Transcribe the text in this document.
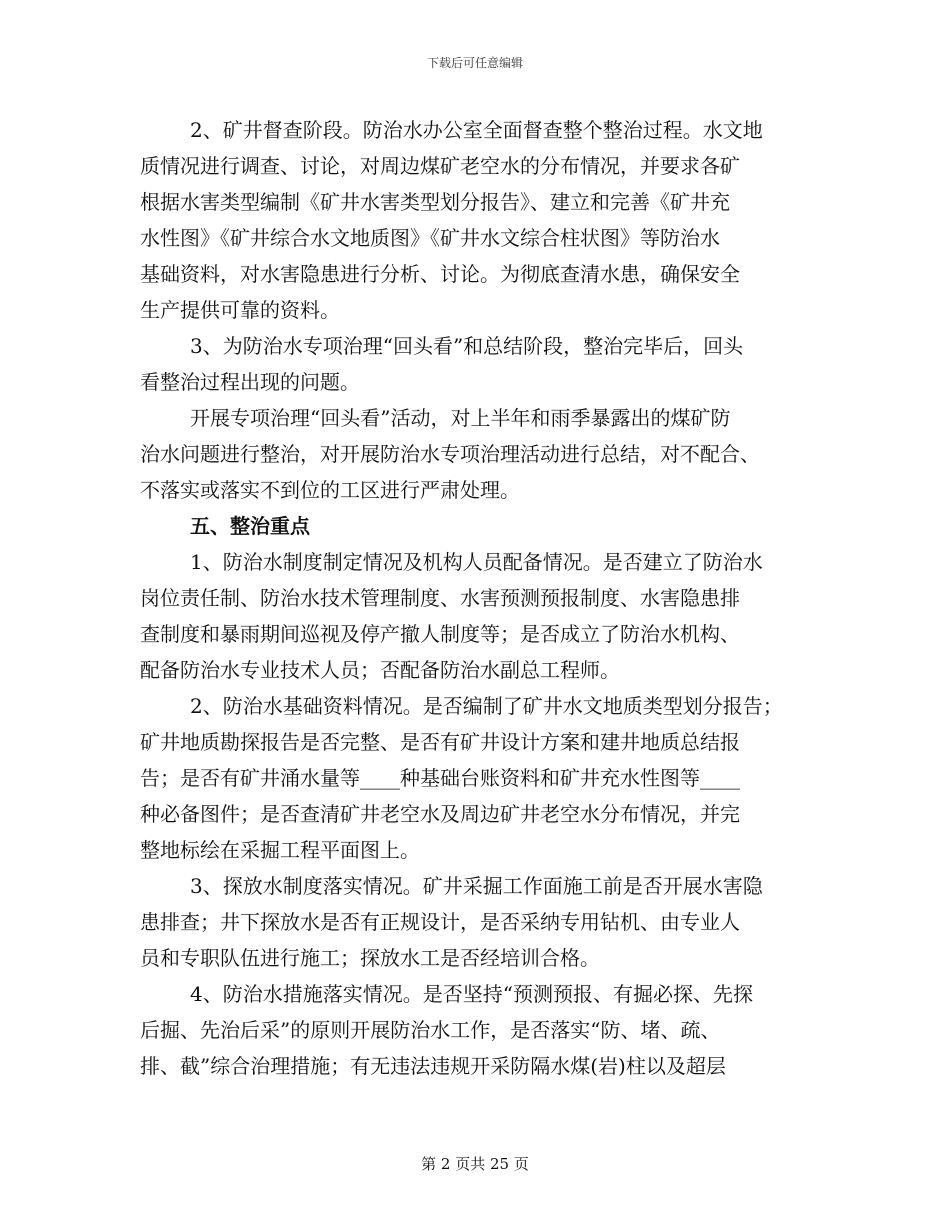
下载后可任意编辑
2、矿井督查阶段。防治水办公室全面督查整个整治过程。水文地
质情况进行调查、讨论，对周边煤矿老空水的分布情况，并要求各矿
根据水害类型编制《矿井水害类型划分报告》、建立和完善《矿井充
水性图》《矿井综合水文地质图》《矿井水文综合柱状图》等防治水
基础资料，对水害隐患进行分析、讨论。为彻底查清水患，确保安全
生产提供可靠的资料。
3、为防治水专项治理“回头看”和总结阶段，整治完毕后，回头
看整治过程出现的问题。
开展专项治理“回头看”活动，对上半年和雨季暴露出的煤矿防
治水问题进行整治，对开展防治水专项治理活动进行总结，对不配合、
不落实或落实不到位的工区进行严肃处理。
五、整治重点
1、防治水制度制定情况及机构人员配备情况。是否建立了防治水
岗位责任制、防治水技术管理制度、水害预测预报制度、水害隐患排
查制度和暴雨期间巡视及停产撤人制度等；是否成立了防治水机构、
配备防治水专业技术人员；否配备防治水副总工程师。
2、防治水基础资料情况。是否编制了矿井水文地质类型划分报告；
矿井地质勘探报告是否完整、是否有矿井设计方案和建井地质总结报
告；是否有矿井涌水量等____种基础台账资料和矿井充水性图等____
种必备图件；是否查清矿井老空水及周边矿井老空水分布情况，并完
整地标绘在采掘工程平面图上。
3、探放水制度落实情况。矿井采掘工作面施工前是否开展水害隐
患排查；井下探放水是否有正规设计，是否采纳专用钻机、由专业人
员和专职队伍进行施工；探放水工是否经培训合格。
4、防治水措施落实情况。是否坚持“预测预报、有掘必探、先探
后掘、先治后采”的原则开展防治水工作，是否落实“防、堵、疏、
排、截”综合治理措施；有无违法违规开采防隔水煤(岩)柱以及超层
第 2 页共 25 页
